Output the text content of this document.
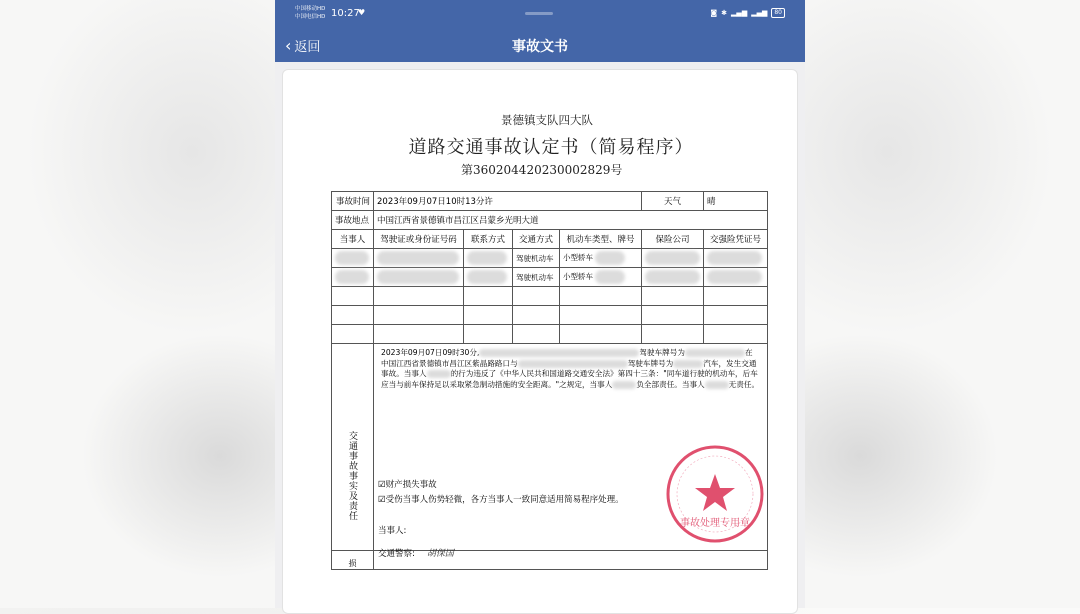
中国移动HD
中国电信HD 10:27
♥	◙ ✱ ▂▄▆ ▂▄▆	80
‹ 返回	事故文书
景德镇支队四大队
道路交通事故认定书（简易程序）
第360204420230002829号
事故时间	2023年09月07日10时13分许				天气	晴
事故地点	中国江西省景德镇市昌江区吕蒙乡光明大道					
当事人	驾驶证或身份证号码	联系方式	交通方式	机动车类型、牌号	保险公司	交强险凭证号
			驾驶机动车	小型轿车		
			驾驶机动车	小型轿车		

交通事故事实及责任

2023年09月07日09时30分,	驾驶车牌号为	在中国江西省景德镇市昌江区紫晶路路口与	驾驶车牌号为	汽车，发生交通事故。当事人	的行为违反了《中华人民共和国道路交通安全法》第四十三条："同车道行驶的机动车，后车应当与前车保持足以采取紧急制动措施的安全距离。"之规定，当事人	负全部责任。当事人	无责任。
☑财产损失事故
☑受伤当事人伤势轻微，各方当事人一致同意适用简易程序处理。
当事人:
交通警察: 胡保国
事故处理专用章

损						
